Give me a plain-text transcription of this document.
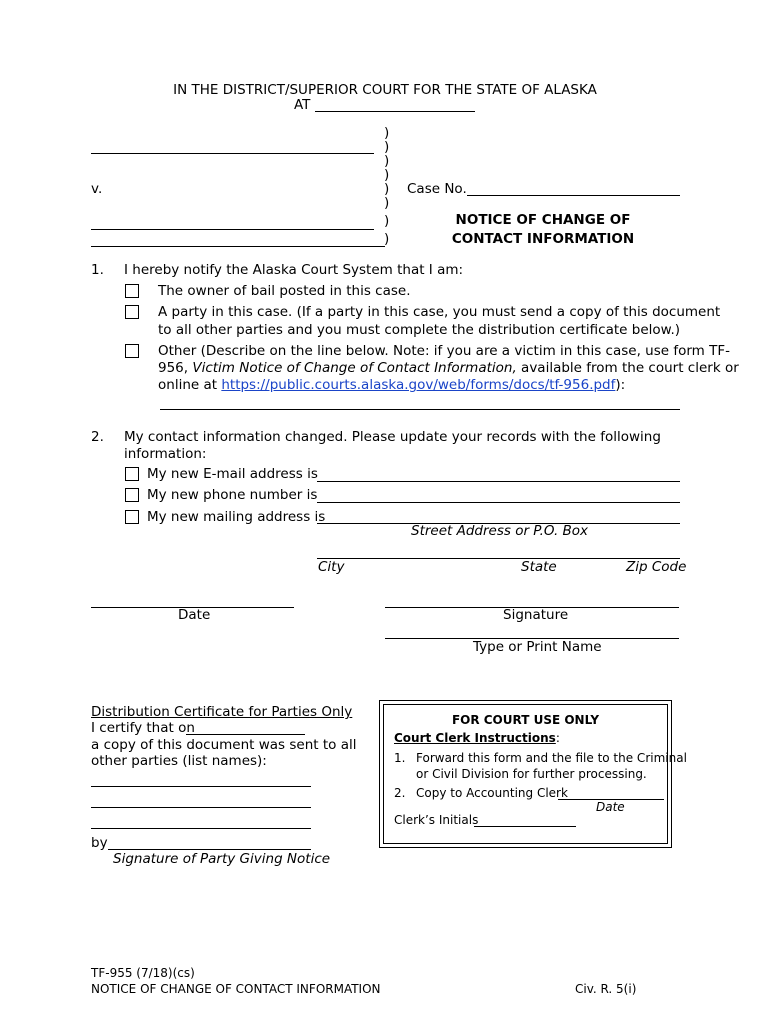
IN THE DISTRICT/SUPERIOR COURT FOR THE STATE OF ALASKA
AT
v.
)
)
)
)
)
)
)
)
Case No.
NOTICE OF CHANGE OF
CONTACT INFORMATION
1. I hereby notify the Alaska Court System that I am:
The owner of bail posted in this case.
A party in this case. (If a party in this case, you must send a copy of this document
to all other parties and you must complete the distribution certificate below.)
Other (Describe on the line below. Note: if you are a victim in this case, use form TF-
956, Victim Notice of Change of Contact Information, available from the court clerk or
online at https://public.courts.alaska.gov/web/forms/docs/tf-956.pdf):
2. My contact information changed. Please update your records with the following
information:
My new E-mail address is
My new phone number is
My new mailing address is
Street Address or P.O. Box
City	State	Zip Code
Date	Signature
Type or Print Name
Distribution Certificate for Parties Only
I certify that on
a copy of this document was sent to all
other parties (list names):
by
Signature of Party Giving Notice
FOR COURT USE ONLY
Court Clerk Instructions:
1. Forward this form and the file to the Criminal
or Civil Division for further processing.
2. Copy to Accounting Clerk
Date
Clerk’s Initials
TF-955 (7/18)(cs)
NOTICE OF CHANGE OF CONTACT INFORMATION	Civ. R. 5(i)
